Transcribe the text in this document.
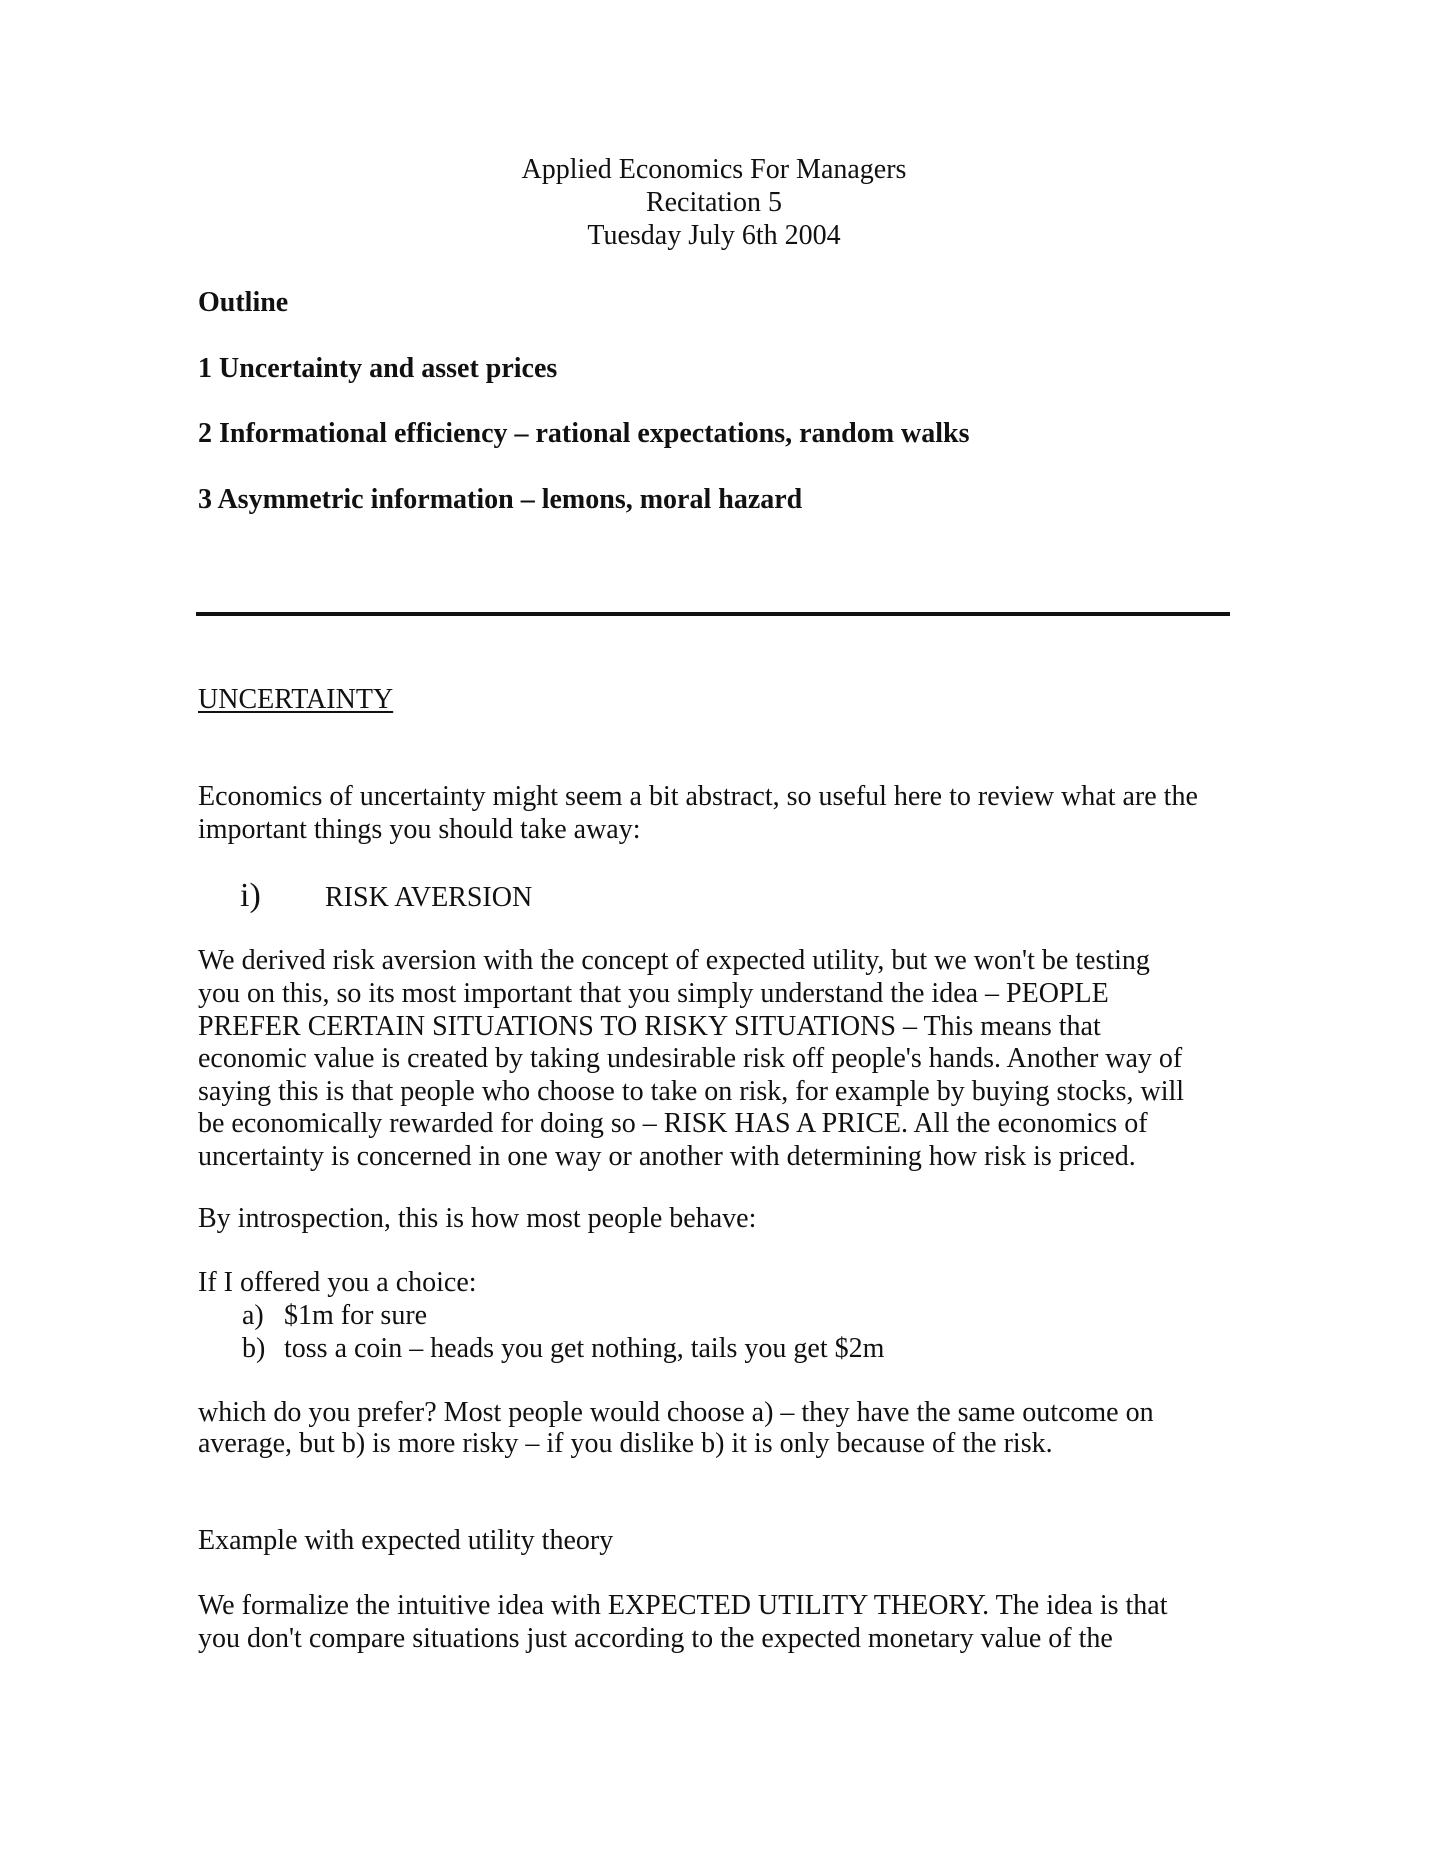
Applied Economics For Managers

Recitation 5

Tuesday July 6th 2004

Outline

1 Uncertainty and asset prices

2 Informational efficiency – rational expectations, random walks

3 Asymmetric information – lemons, moral hazard

UNCERTAINTY

Economics of uncertainty might seem a bit abstract, so useful here to review what are the

important things you should take away:

i) RISK AVERSION

We derived risk aversion with the concept of expected utility, but we won't be testing

you on this, so its most important that you simply understand the idea – PEOPLE

PREFER CERTAIN SITUATIONS TO RISKY SITUATIONS – This means that

economic value is created by taking undesirable risk off people's hands. Another way of

saying this is that people who choose to take on risk, for example by buying stocks, will

be economically rewarded for doing so – RISK HAS A PRICE. All the economics of

uncertainty is concerned in one way or another with determining how risk is priced.

By introspection, this is how most people behave:

If I offered you a choice:

a) $1m for sure

b) toss a coin – heads you get nothing, tails you get $2m

which do you prefer? Most people would choose a) – they have the same outcome on

average, but b) is more risky – if you dislike b) it is only because of the risk.

Example with expected utility theory

We formalize the intuitive idea with EXPECTED UTILITY THEORY. The idea is that

you don't compare situations just according to the expected monetary value of the
